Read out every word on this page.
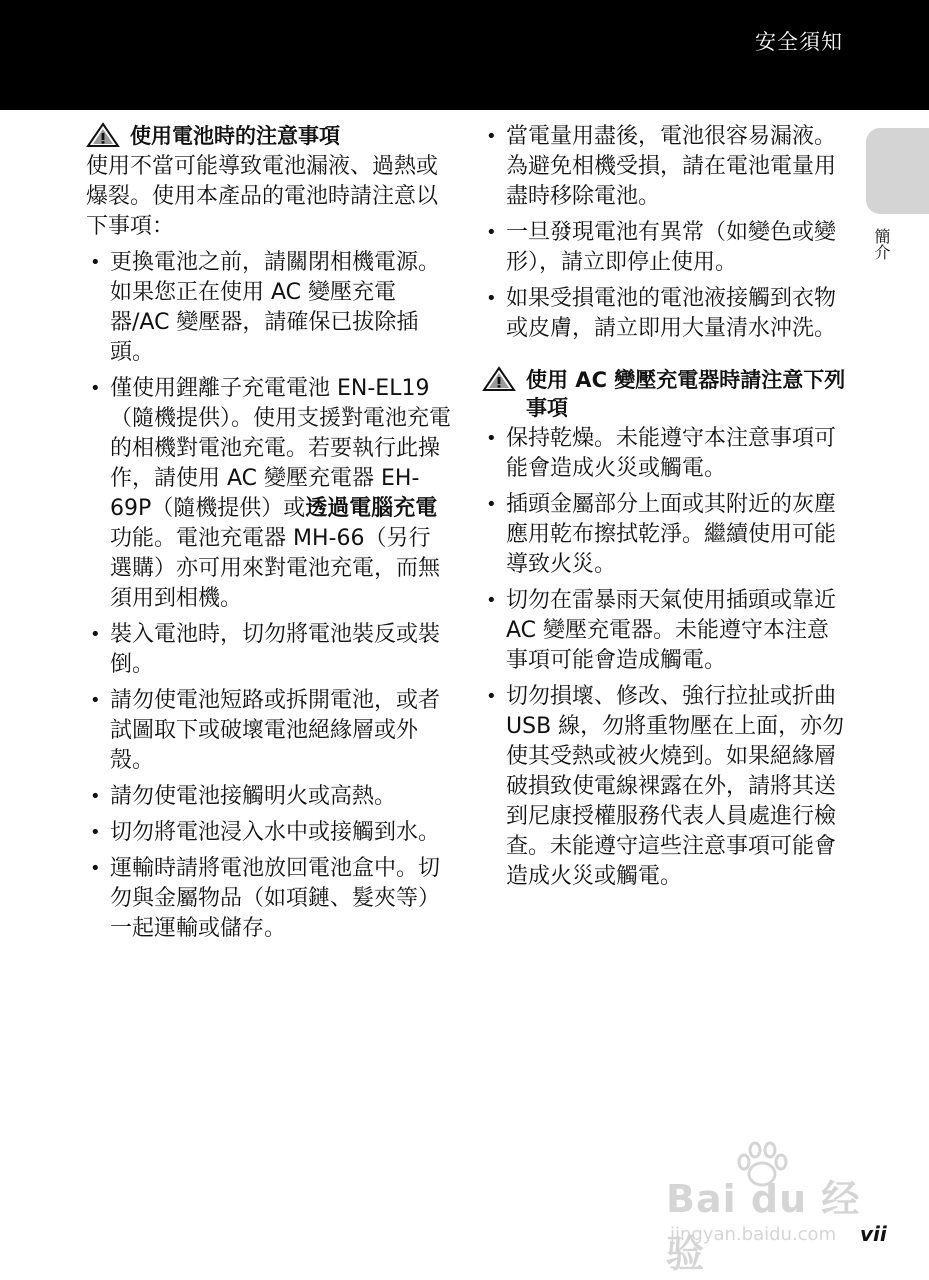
安全須知
簡介
使用電池時的注意事項

使用不當可能導致電池漏液、過熱或爆裂。使用本產品的電池時請注意以下事項：

• 更換電池之前，請關閉相機電源。如果您正在使用 AC 變壓充電器/AC 變壓器，請確保已拔除插頭。
• 僅使用鋰離子充電電池 EN-EL19（隨機提供）。使用支援對電池充電的相機對電池充電。若要執行此操作，請使用 AC 變壓充電器 EH-69P（隨機提供）或透過電腦充電功能。電池充電器 MH-66（另行選購）亦可用來對電池充電，而無須用到相機。
• 裝入電池時，切勿將電池裝反或裝倒。
• 請勿使電池短路或拆開電池，或者試圖取下或破壞電池絕緣層或外殼。
• 請勿使電池接觸明火或高熱。
• 切勿將電池浸入水中或接觸到水。
• 運輸時請將電池放回電池盒中。切勿與金屬物品（如項鏈、髮夾等）一起運輸或儲存。
• 當電量用盡後，電池很容易漏液。為避免相機受損，請在電池電量用盡時移除電池。
• 一旦發現電池有異常（如變色或變形），請立即停止使用。
• 如果受損電池的電池液接觸到衣物或皮膚，請立即用大量清水沖洗。
使用 AC 變壓充電器時請注意下列事項
• 保持乾燥。未能遵守本注意事項可能會造成火災或觸電。
• 插頭金屬部分上面或其附近的灰塵應用乾布擦拭乾淨。繼續使用可能導致火災。
• 切勿在雷暴雨天氣使用插頭或靠近 AC 變壓充電器。未能遵守本注意事項可能會造成觸電。
• 切勿損壞、修改、強行拉扯或折曲 USB 線，勿將重物壓在上面，亦勿使其受熱或被火燒到。如果絕緣層破損致使電線裸露在外，請將其送到尼康授權服務代表人員處進行檢查。未能遵守這些注意事項可能會造成火災或觸電。
Bai du 经验
jingyan.baidu.com vii
